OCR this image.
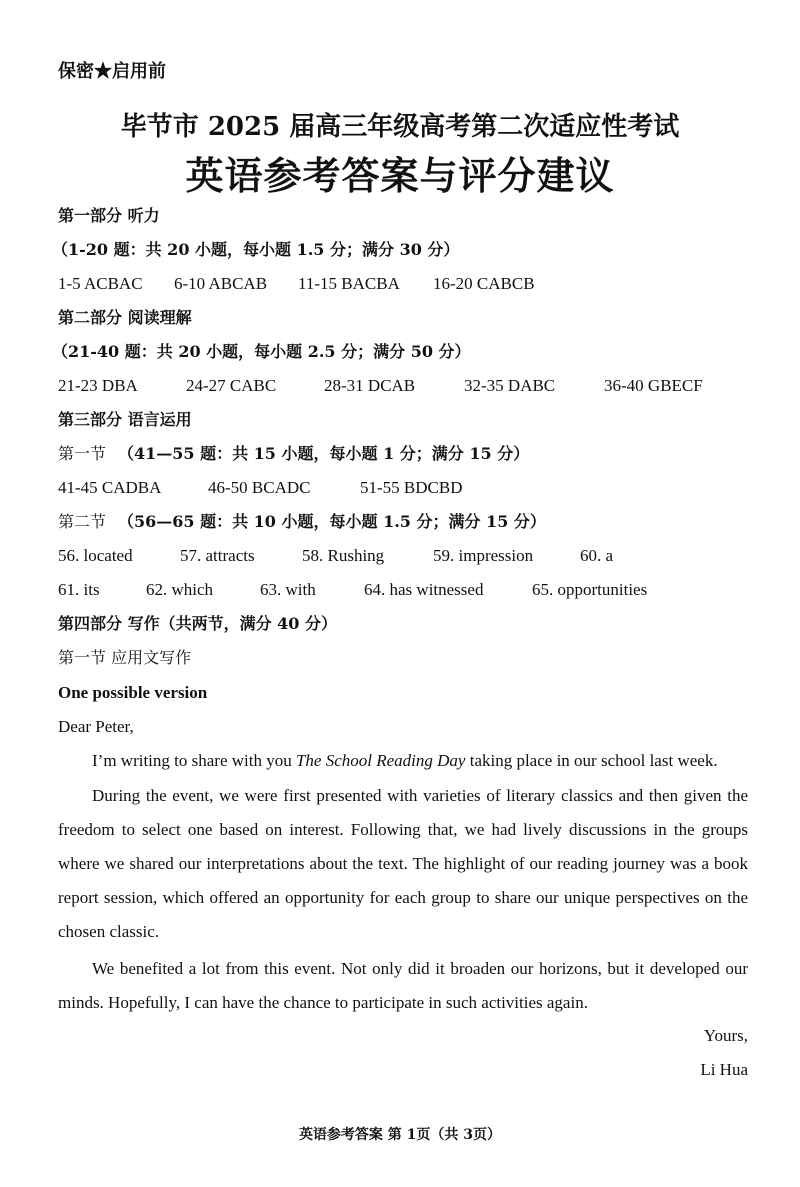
保密★启用前
毕节市 2025 届高三年级高考第二次适应性考试
英语参考答案与评分建议
第一部分 听力
（1-20 题：共 20 小题，每小题 1.5 分；满分 30 分）
1-5 ACBAC 6-10 ABCAB 11-15 BACBA 16-20 CABCB
第二部分 阅读理解
（21-40 题：共 20 小题，每小题 2.5 分；满分 50 分）
21-23 DBA	24-27 CABC	28-31 DCAB	32-35 DABC	36-40 GBECF
第三部分 语言运用
第一节 （41—55 题：共 15 小题，每小题 1 分；满分 15 分）
41-45 CADBA	46-50 BCADC	51-55 BDCBD
第二节 （56—65 题：共 10 小题，每小题 1.5 分；满分 15 分）
56. located	57. attracts	58. Rushing	59. impression	60. a
61. its	62. which	63. with	64. has witnessed	65. opportunities
第四部分 写作（共两节，满分 40 分）
第一节 应用文写作
One possible version
Dear Peter,
I’m writing to share with you The School Reading Day taking place in our school last week.
During the event, we were first presented with varieties of literary classics and then given the freedom to select one based on interest. Following that, we had lively discussions in the groups where we shared our interpretations about the text. The highlight of our reading journey was a book report session, which offered an opportunity for each group to share our unique perspectives on the chosen classic.
We benefited a lot from this event. Not only did it broaden our horizons, but it developed our minds. Hopefully, I can have the chance to participate in such activities again.
Yours,
Li Hua
英语参考答案 第 1页（共 3页）
